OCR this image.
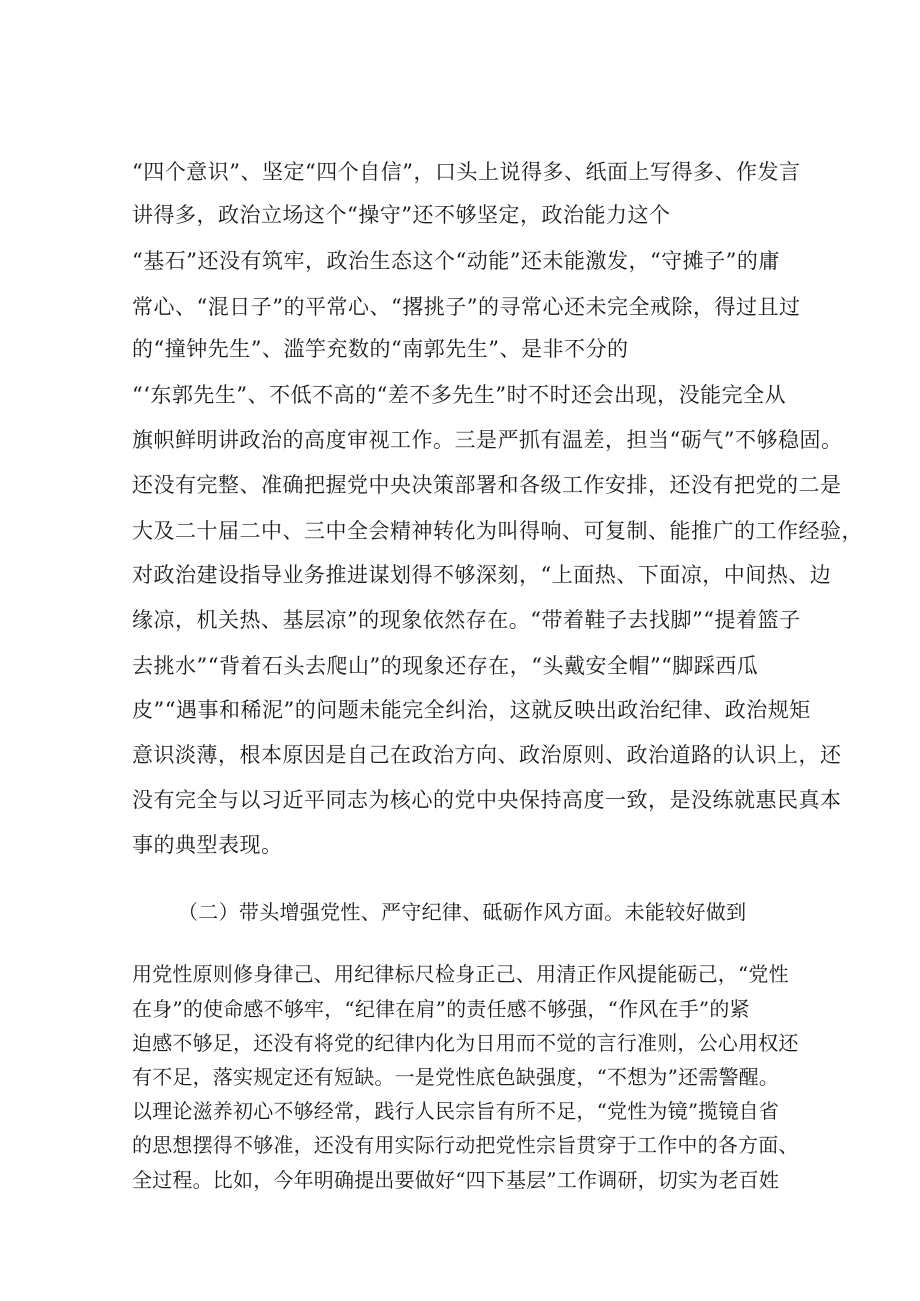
“四个意识”、坚定“四个自信”，口头上说得多、纸面上写得多、作发言
讲得多，政治立场这个“操守”还不够坚定，政治能力这个
“基石”还没有筑牢，政治生态这个“动能”还未能激发，“守摊子”的庸
常心、“混日子”的平常心、“撂挑子”的寻常心还未完全戒除，得过且过
的“撞钟先生”、滥竽充数的“南郭先生”、是非不分的
“‘东郭先生”、不低不高的“差不多先生”时不时还会出现，没能完全从
旗帜鲜明讲政治的高度审视工作。三是严抓有温差，担当“砺气”不够稳固。
还没有完整、准确把握党中央决策部署和各级工作安排，还没有把党的二是
大及二十届二中、三中全会精神转化为叫得响、可复制、能推广的工作经验，
对政治建设指导业务推进谋划得不够深刻，“上面热、下面凉，中间热、边
缘凉，机关热、基层凉”的现象依然存在。“带着鞋子去找脚”“提着篮子
去挑水”“背着石头去爬山”的现象还存在，“头戴安全帽”“脚踩西瓜
皮”“遇事和稀泥”的问题未能完全纠治，这就反映出政治纪律、政治规矩
意识淡薄，根本原因是自己在政治方向、政治原则、政治道路的认识上，还
没有完全与以习近平同志为核心的党中央保持高度一致，是没练就惠民真本
事的典型表现。
（二）带头增强党性、严守纪律、砥砺作风方面。未能较好做到
用党性原则修身律己、用纪律标尺检身正己、用清正作风提能砺己，“党性
在身”的使命感不够牢，“纪律在肩”的责任感不够强，“作风在手”的紧
迫感不够足，还没有将党的纪律内化为日用而不觉的言行准则，公心用权还
有不足，落实规定还有短缺。一是党性底色缺强度，“不想为”还需警醒。
以理论滋养初心不够经常，践行人民宗旨有所不足，“党性为镜”揽镜自省
的思想摆得不够准，还没有用实际行动把党性宗旨贯穿于工作中的各方面、
全过程。比如，今年明确提出要做好“四下基层”工作调研，切实为老百姓
